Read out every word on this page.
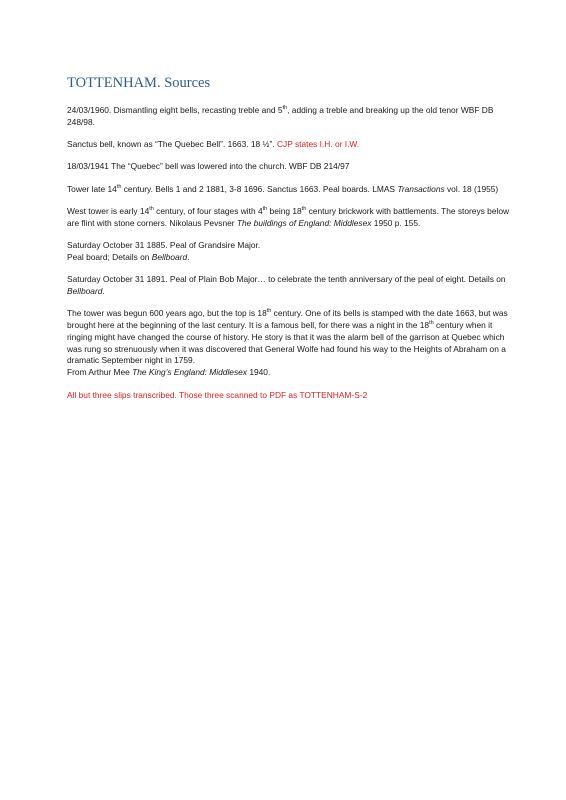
TOTTENHAM. Sources

24/03/1960. Dismantling eight bells, recasting treble and 5th, adding a treble and breaking up the old tenor WBF DB 248/98.

Sanctus bell, known as “The Quebec Bell”. 1663. 18 ½”. CJP states I.H. or I.W.

18/03/1941 The “Quebec” bell was lowered into the church. WBF DB 214/97

Tower late 14th century. Bells 1 and 2 1881, 3-8 1696. Sanctus 1663. Peal boards. LMAS Transactions vol. 18 (1955)

West tower is early 14th century, of four stages with 4th being 18th century brickwork with battlements. The storeys below are flint with stone corners. Nikolaus Pevsner The buildings of England: Middlesex 1950 p. 155.

Saturday October 31 1885. Peal of Grandsire Major.
Peal board; Details on Bellboard.

Saturday October 31 1891. Peal of Plain Bob Major… to celebrate the tenth anniversary of the peal of eight. Details on Bellboard.

The tower was begun 600 years ago, but the top is 18th century. One of its bells is stamped with the date 1663, but was brought here at the beginning of the last century. It is a famous bell, for there was a night in the 18th century when it ringing might have changed the course of history. He story is that it was the alarm bell of the garrison at Quebec which was rung so strenuously when it was discovered that General Wolfe had found his way to the Heights of Abraham on a dramatic September night in 1759.
From Arthur Mee The King’s England: Middlesex 1940.

All but three slips transcribed. Those three scanned to PDF as TOTTENHAM-S-2
